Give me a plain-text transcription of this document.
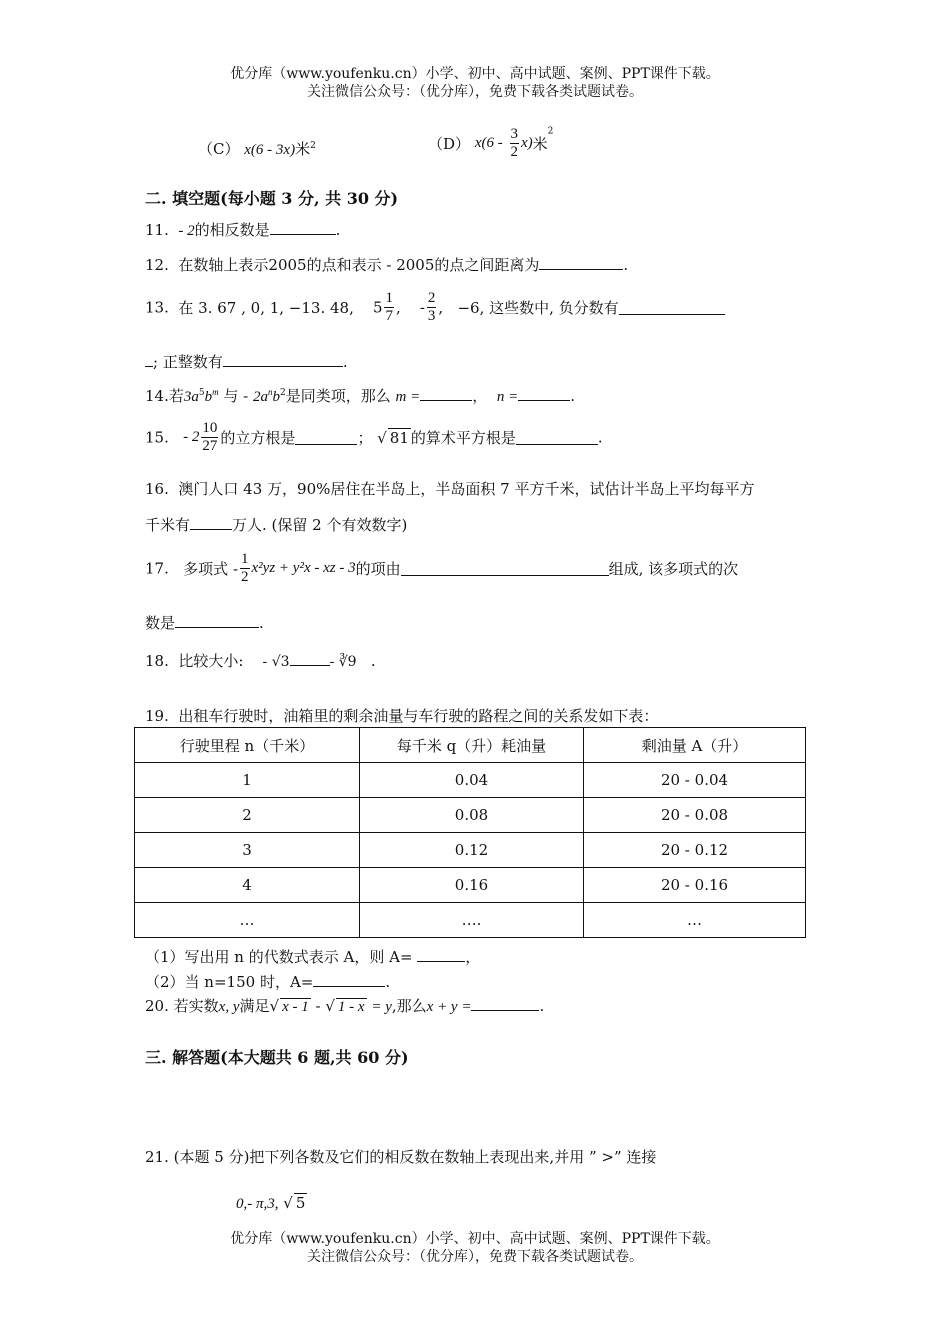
优分库（www.youfenku.cn）小学、初中、高中试题、案例、PPT课件下载。
关注微信公众号：（优分库），免费下载各类试题试卷。
（C） x(6 - 3x)米$^2$	（D） $x(6 - \frac{3}{2} x)$米$^2$
二. 填空题(每小题 3 分, 共 30 分)
11. - 2的相反数是	.
12. 在数轴上表示2005的点和表示 - 2005的点之间距离为	.
13. 在 3. 67 , 0, 1, −13. 48, $5 \frac{1}{7}$ ,    - $\frac{2}{3}$ ,   −6, 这些数中, 负分数有
; 正整数有	.
14.若$3a^5b^m$ 与 - $2a^nb^2$是同类项，那么 m =	， n =	.
15. - $2 \frac{10}{27}$ 的立方根是	； √ 81 的算术平方根是	.
16. 澳门人口 43 万，90%居住在半岛上，半岛面积 7 平方千米，试估计半岛上平均每平方
千米有	万人. (保留 2 个有效数字)
17. 多项式 - $\frac{1}{2} x^2yz + y^2x$ - xz - 3的项由	组成, 该多项式的次
数是	.
18. 比较大小: - √3	- ∛9 .
19. 出租车行驶时，油箱里的剩余油量与车行驶的路程之间的关系发如下表：
行驶里程 n（千米）	每千米 q（升）耗油量	剩油量 A（升）
1	0.04	20 - 0.04
2	0.08	20 - 0.08
3	0.12	20 - 0.12
4	0.16	20 - 0.16
…	….	…
（1）写出用 n 的代数式表示 A，则 A=	，
（2）当 n=150 时，A=	.
20. 若实数x, y满足√ x - 1 - √ 1 - x = y,那么x + y =	.
三. 解答题(本大题共 6 题,共 60 分)
21. (本题 5 分)把下列各数及它们的相反数在数轴上表现出来,并用 ” >” 连接
0,- π,3, √ 5
优分库（www.youfenku.cn）小学、初中、高中试题、案例、PPT课件下载。
关注微信公众号：（优分库），免费下载各类试题试卷。
